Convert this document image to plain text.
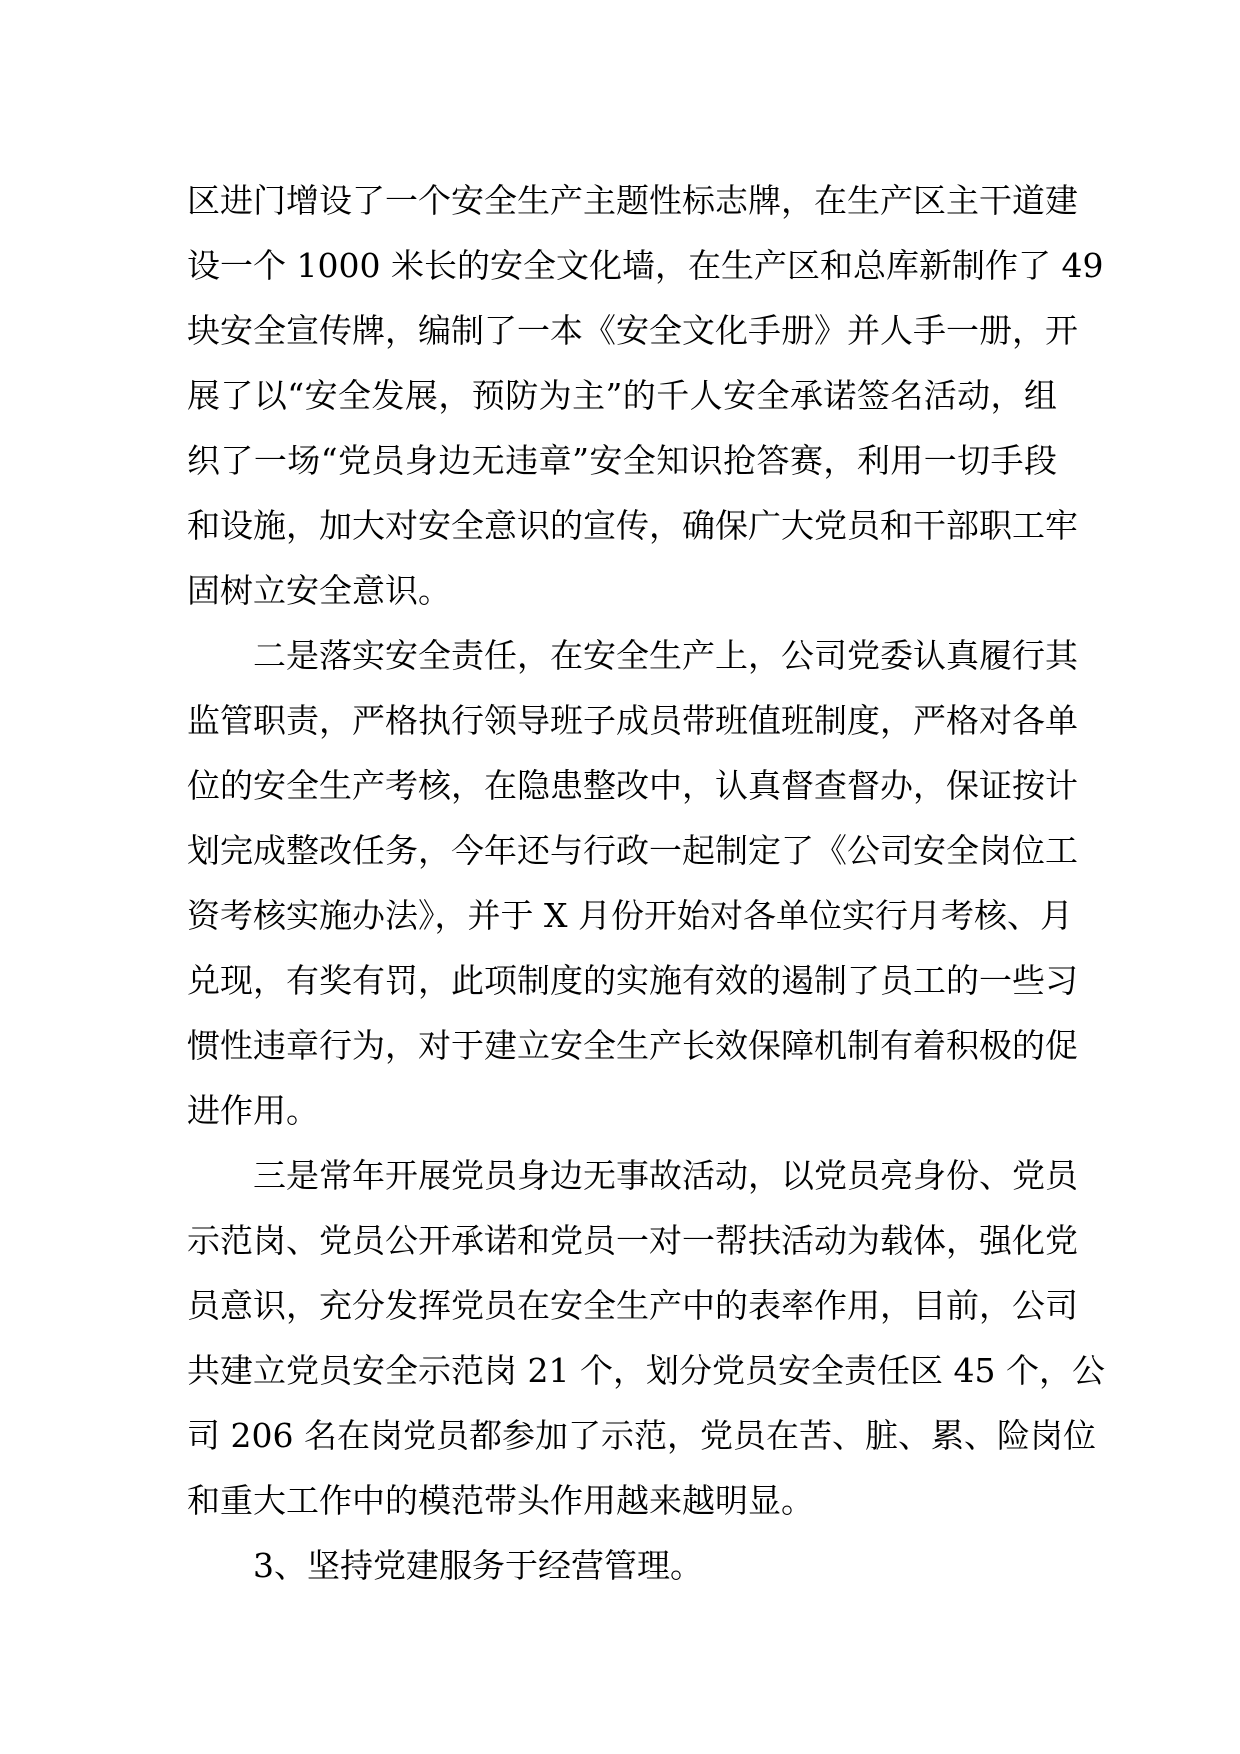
区进门增设了一个安全生产主题性标志牌，在生产区主干道建
设一个 1000 米长的安全文化墙，在生产区和总库新制作了 49
块安全宣传牌，编制了一本《安全文化手册》并人手一册，开
展了以“安全发展，预防为主”的千人安全承诺签名活动，组
织了一场“党员身边无违章”安全知识抢答赛，利用一切手段
和设施，加大对安全意识的宣传，确保广大党员和干部职工牢
固树立安全意识。
二是落实安全责任，在安全生产上，公司党委认真履行其
监管职责，严格执行领导班子成员带班值班制度，严格对各单
位的安全生产考核，在隐患整改中，认真督查督办，保证按计
划完成整改任务，今年还与行政一起制定了《公司安全岗位工
资考核实施办法》，并于 X 月份开始对各单位实行月考核、月
兑现，有奖有罚，此项制度的实施有效的遏制了员工的一些习
惯性违章行为，对于建立安全生产长效保障机制有着积极的促
进作用。
三是常年开展党员身边无事故活动，以党员亮身份、党员
示范岗、党员公开承诺和党员一对一帮扶活动为载体，强化党
员意识，充分发挥党员在安全生产中的表率作用，目前，公司
共建立党员安全示范岗 21 个，划分党员安全责任区 45 个，公
司 206 名在岗党员都参加了示范，党员在苦、脏、累、险岗位
和重大工作中的模范带头作用越来越明显。
3、坚持党建服务于经营管理。
